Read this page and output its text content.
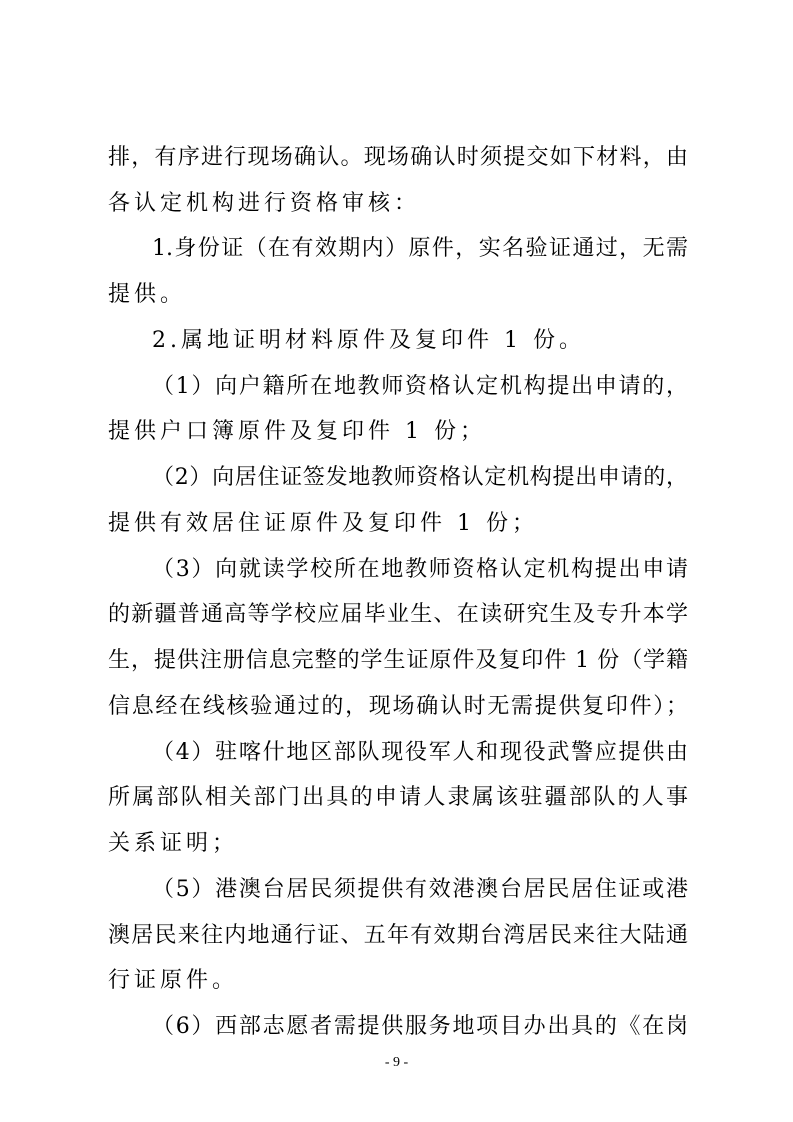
排，有序进行现场确认。现场确认时须提交如下材料，由
各认定机构进行资格审核：
1.身份证（在有效期内）原件，实名验证通过，无需
提供。
2.属地证明材料原件及复印件 1 份。
（1）向户籍所在地教师资格认定机构提出申请的，
提供户口簿原件及复印件 1 份；
（2）向居住证签发地教师资格认定机构提出申请的，
提供有效居住证原件及复印件 1 份；
（3）向就读学校所在地教师资格认定机构提出申请
的新疆普通高等学校应届毕业生、在读研究生及专升本学
生，提供注册信息完整的学生证原件及复印件 1 份（学籍
信息经在线核验通过的，现场确认时无需提供复印件）；
（4）驻喀什地区部队现役军人和现役武警应提供由
所属部队相关部门出具的申请人隶属该驻疆部队的人事
关系证明；
（5）港澳台居民须提供有效港澳台居民居住证或港
澳居民来往内地通行证、五年有效期台湾居民来往大陆通
行证原件。
（6）西部志愿者需提供服务地项目办出具的《在岗
- 9 -
